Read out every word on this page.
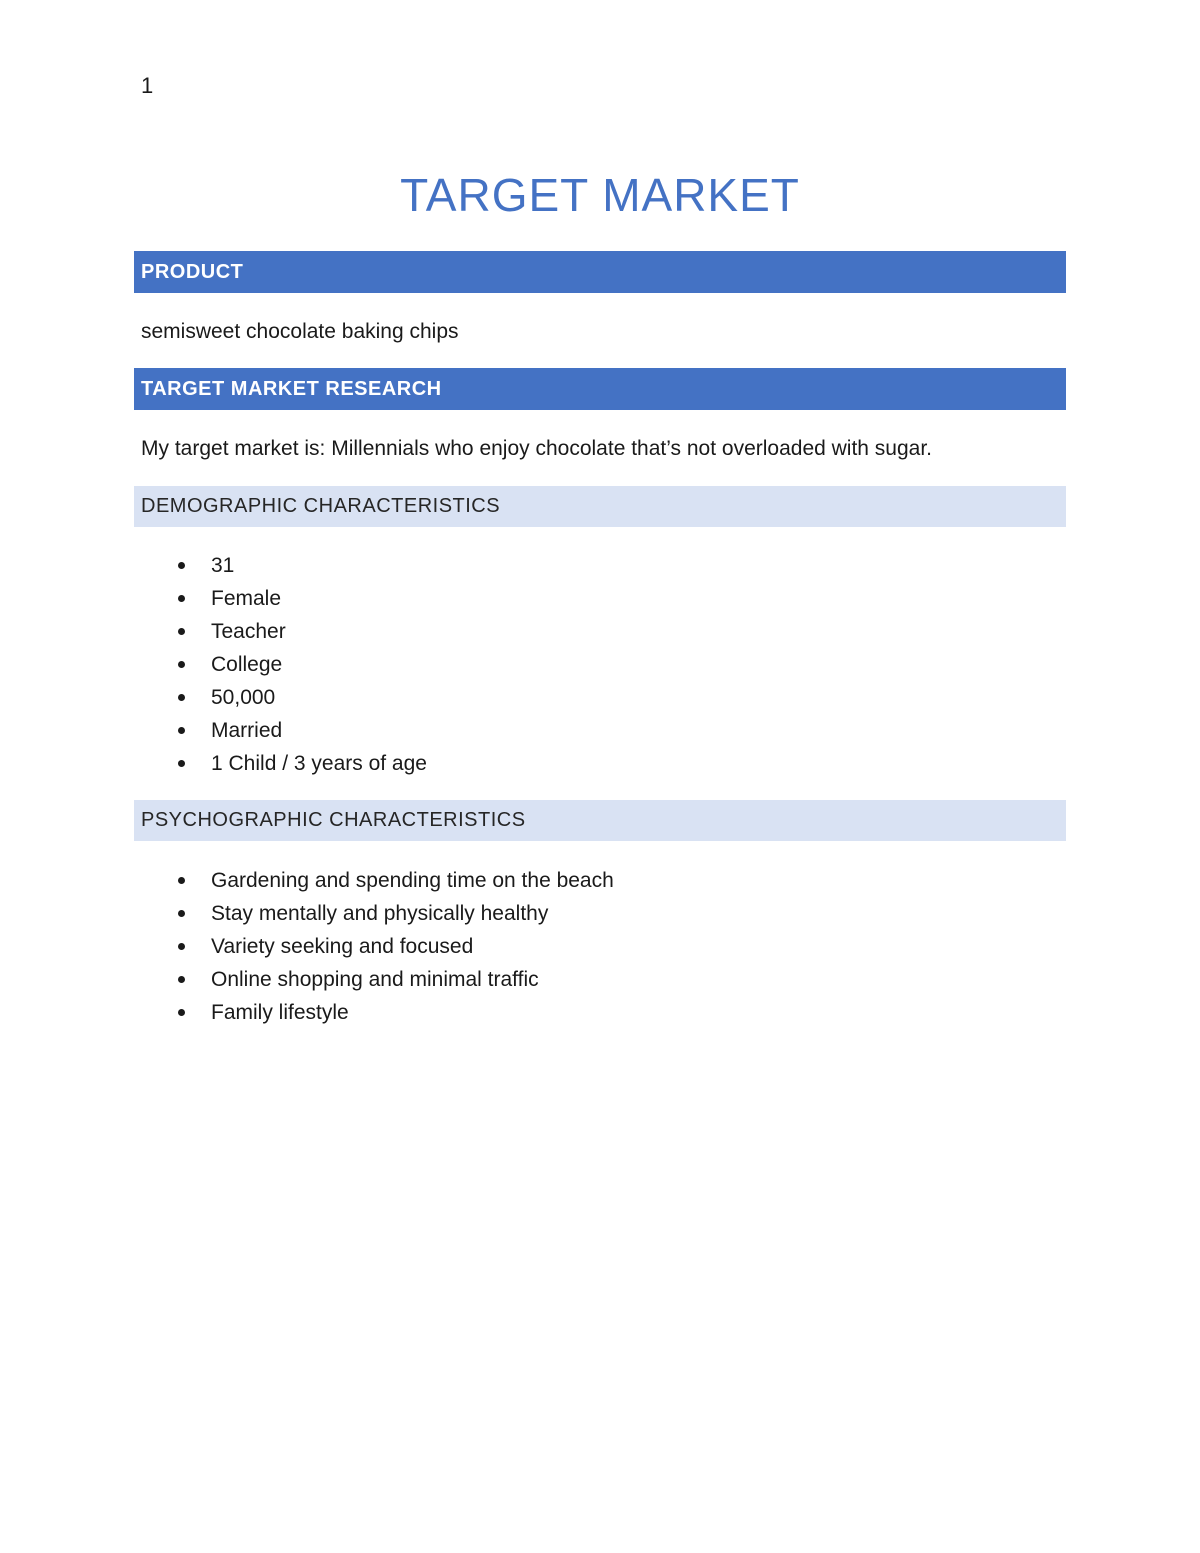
1
TARGET MARKET
PRODUCT
semisweet chocolate baking chips
TARGET MARKET RESEARCH
My target market is: Millennials who enjoy chocolate that’s not overloaded with sugar.
DEMOGRAPHIC CHARACTERISTICS
31
Female
Teacher
College
50,000
Married
1 Child / 3 years of age
PSYCHOGRAPHIC CHARACTERISTICS
Gardening and spending time on the beach
Stay mentally and physically healthy
Variety seeking and focused
Online shopping and minimal traffic
Family lifestyle
